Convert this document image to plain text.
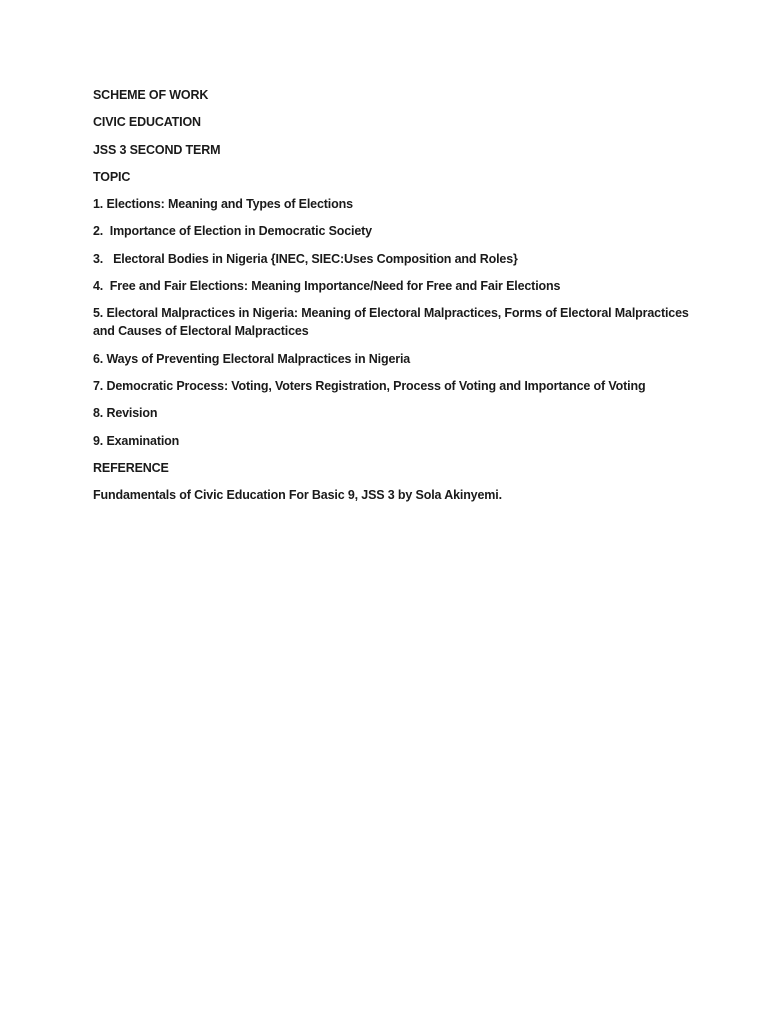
SCHEME OF WORK
CIVIC EDUCATION
JSS 3 SECOND TERM
TOPIC
1. Elections: Meaning and Types of Elections
2.  Importance of Election in Democratic Society
3.   Electoral Bodies in Nigeria {INEC, SIEC:Uses Composition and Roles}
4.  Free and Fair Elections: Meaning Importance/Need for Free and Fair Elections
5. Electoral Malpractices in Nigeria: Meaning of Electoral Malpractices, Forms of Electoral Malpractices and Causes of Electoral Malpractices
6. Ways of Preventing Electoral Malpractices in Nigeria
7. Democratic Process: Voting, Voters Registration, Process of Voting and Importance of Voting
8. Revision
9. Examination
REFERENCE
Fundamentals of Civic Education For Basic 9, JSS 3 by Sola Akinyemi.
